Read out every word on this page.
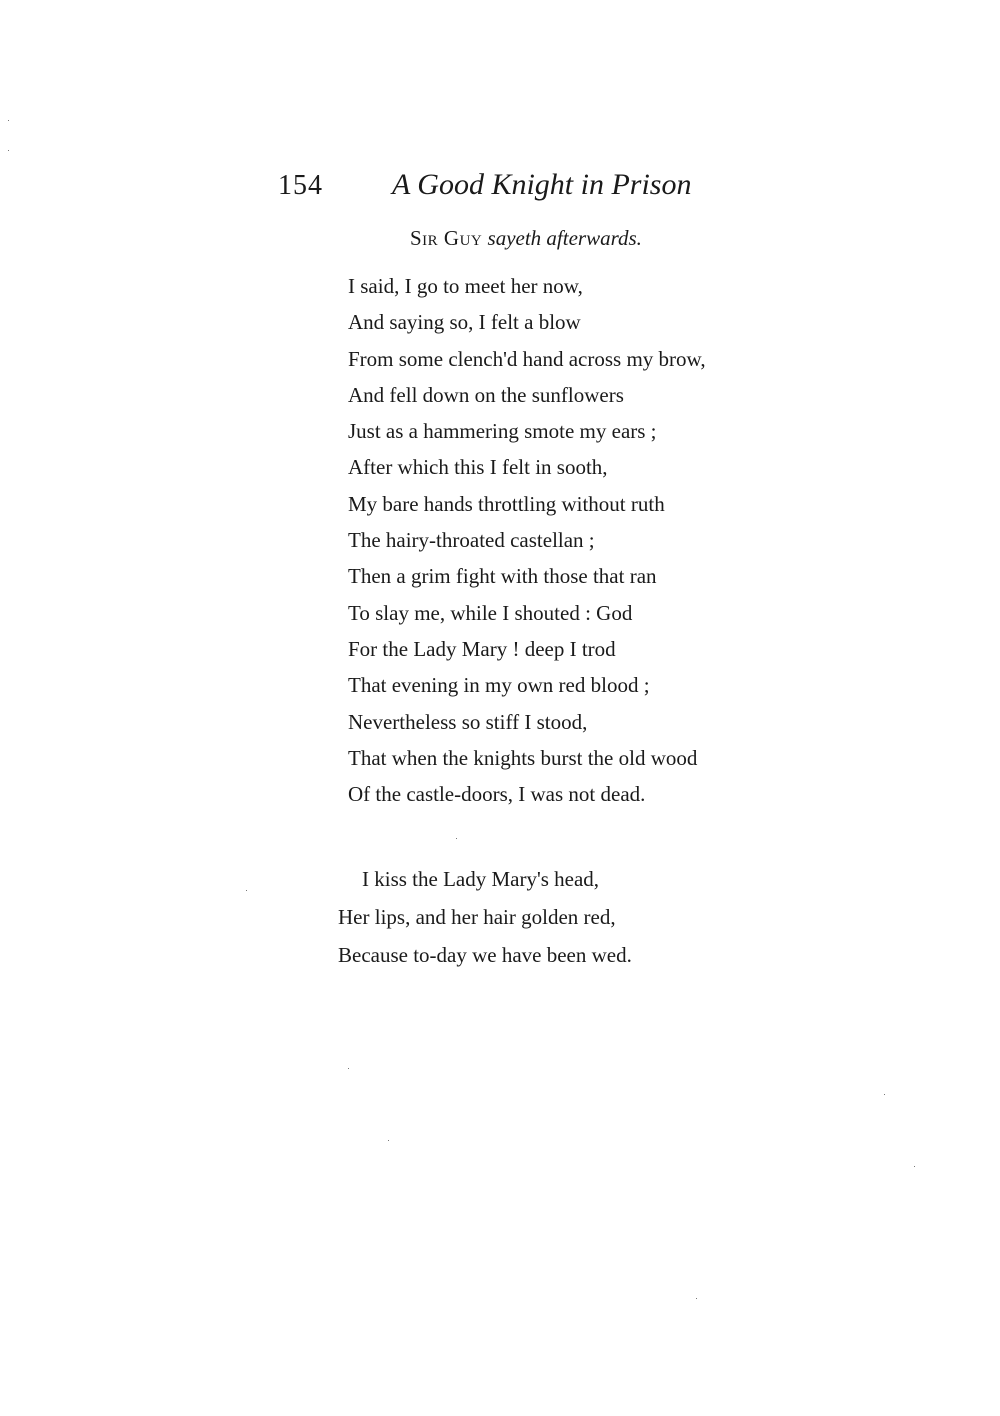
154 A Good Knight in Prison
Sir Guy sayeth afterwards.
I said, I go to meet her now,
And saying so, I felt a blow
From some clench'd hand across my brow,
And fell down on the sunflowers
Just as a hammering smote my ears ;
After which this I felt in sooth,
My bare hands throttling without ruth
The hairy-throated castellan ;
Then a grim fight with those that ran
To slay me, while I shouted : God
For the Lady Mary ! deep I trod
That evening in my own red blood ;
Nevertheless so stiff I stood,
That when the knights burst the old wood
Of the castle-doors, I was not dead.
I kiss the Lady Mary's head,
Her lips, and her hair golden red,
Because to-day we have been wed.
